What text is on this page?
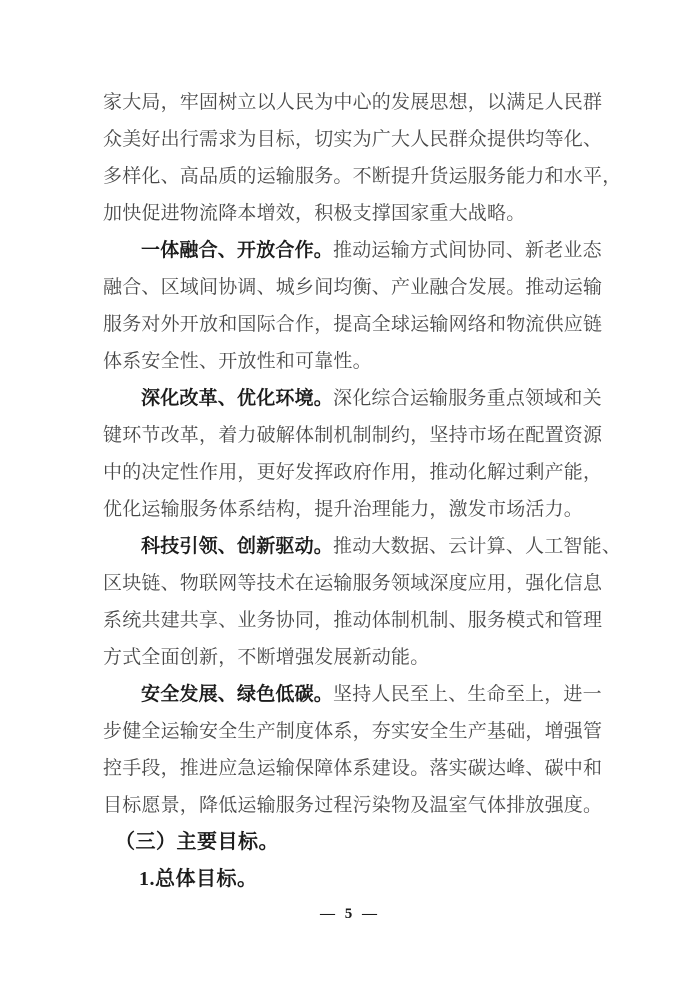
家大局，牢固树立以人民为中心的发展思想，以满足人民群
众美好出行需求为目标，切实为广大人民群众提供均等化、
多样化、高品质的运输服务。不断提升货运服务能力和水平，
加快促进物流降本增效，积极支撑国家重大战略。
一体融合、开放合作。推动运输方式间协同、新老业态
融合、区域间协调、城乡间均衡、产业融合发展。推动运输
服务对外开放和国际合作，提高全球运输网络和物流供应链
体系安全性、开放性和可靠性。
深化改革、优化环境。深化综合运输服务重点领域和关
键环节改革，着力破解体制机制制约，坚持市场在配置资源
中的决定性作用，更好发挥政府作用，推动化解过剩产能，
优化运输服务体系结构，提升治理能力，激发市场活力。
科技引领、创新驱动。推动大数据、云计算、人工智能、
区块链、物联网等技术在运输服务领域深度应用，强化信息
系统共建共享、业务协同，推动体制机制、服务模式和管理
方式全面创新，不断增强发展新动能。
安全发展、绿色低碳。坚持人民至上、生命至上，进一
步健全运输安全生产制度体系，夯实安全生产基础，增强管
控手段，推进应急运输保障体系建设。落实碳达峰、碳中和
目标愿景，降低运输服务过程污染物及温室气体排放强度。
（三）主要目标。
1.总体目标。
— 5 —
